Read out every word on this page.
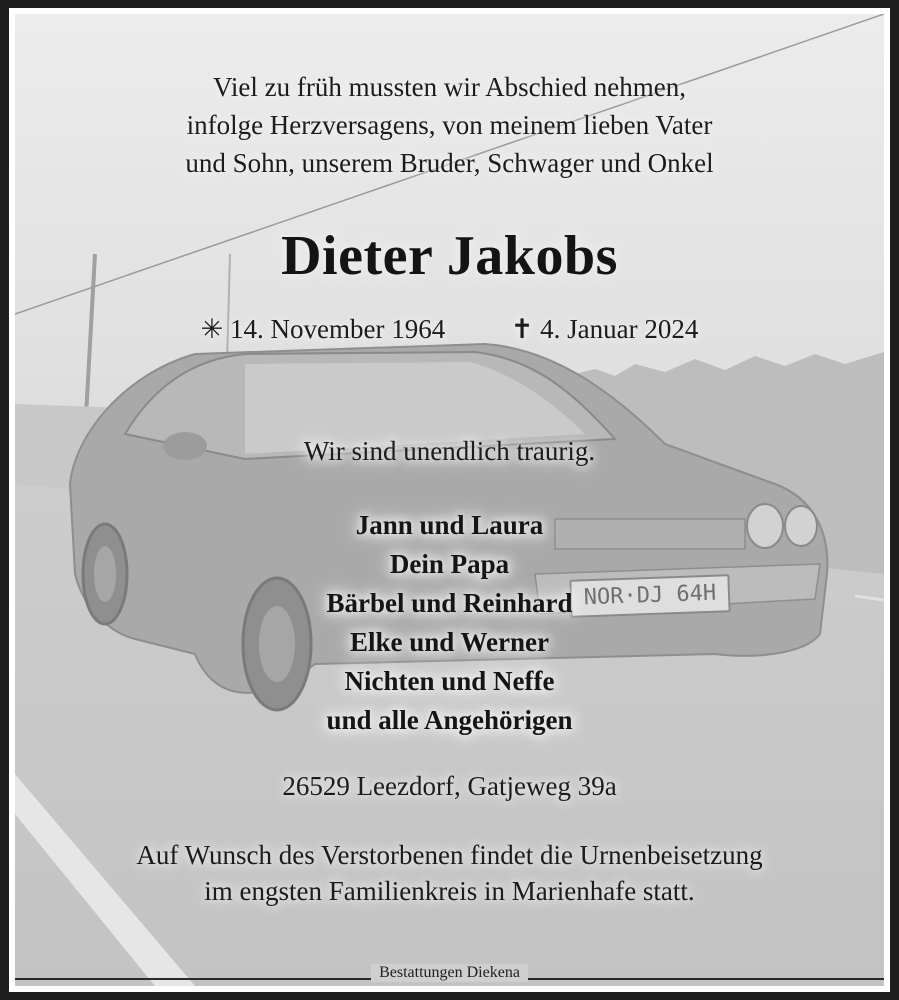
NOR·DJ 64H
Viel zu früh mussten wir Abschied nehmen,
infolge Herzversagens, von meinem lieben Vater
und Sohn, unserem Bruder, Schwager und Onkel
Dieter Jakobs
✳ 14. November 1964 ✝ 4. Januar 2024
Wir sind unendlich traurig.
Jann und Laura
Dein Papa
Bärbel und Reinhard
Elke und Werner
Nichten und Neffe
und alle Angehörigen
26529 Leezdorf, Gatjeweg 39a
Auf Wunsch des Verstorbenen findet die Urnenbeisetzung
im engsten Familienkreis in Marienhafe statt.
Bestattungen Diekena
